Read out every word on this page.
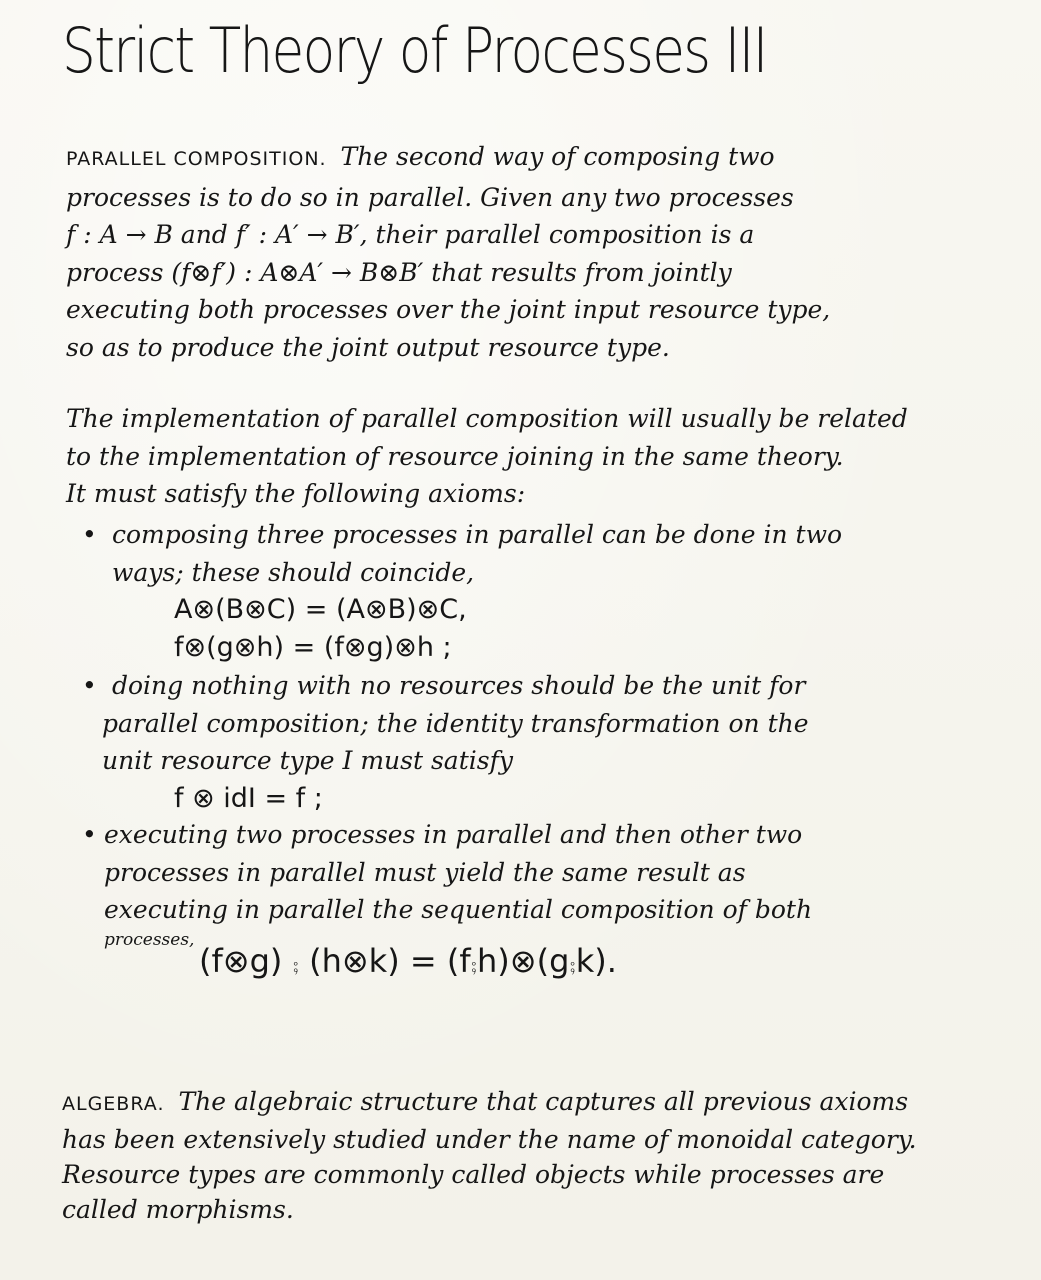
Strict Theory of Processes III
PARALLEL COMPOSITION. The second way of composing two
processes is to do so in parallel. Given any two processes
f : A → B and f′ : A′ → B′, their parallel composition is a
process (f⊗f′) : A⊗A′ → B⊗B′ that results from jointly
executing both processes over the joint input resource type,
so as to produce the joint output resource type.
The implementation of parallel composition will usually be related
to the implementation of resource joining in the same theory.
It must satisfy the following axioms:
• composing three processes in parallel can be done in two
ways; these should coincide,
A⊗(B⊗C) = (A⊗B)⊗C,
f⊗(g⊗h) = (f⊗g)⊗h ;
• doing nothing with no resources should be the unit for
parallel composition; the identity transformation on the
unit resource type I must satisfy
f ⊗ idI = f ;
• executing two processes in parallel and then other two
processes in parallel must yield the same result as
executing in parallel the sequential composition of both
processes,
(f⊗g) ⨾ (h⊗k) = (f⨾h)⊗(g⨾k).
ALGEBRA. The algebraic structure that captures all previous axioms
has been extensively studied under the name of monoidal category.
Resource types are commonly called objects while processes are
called morphisms.
